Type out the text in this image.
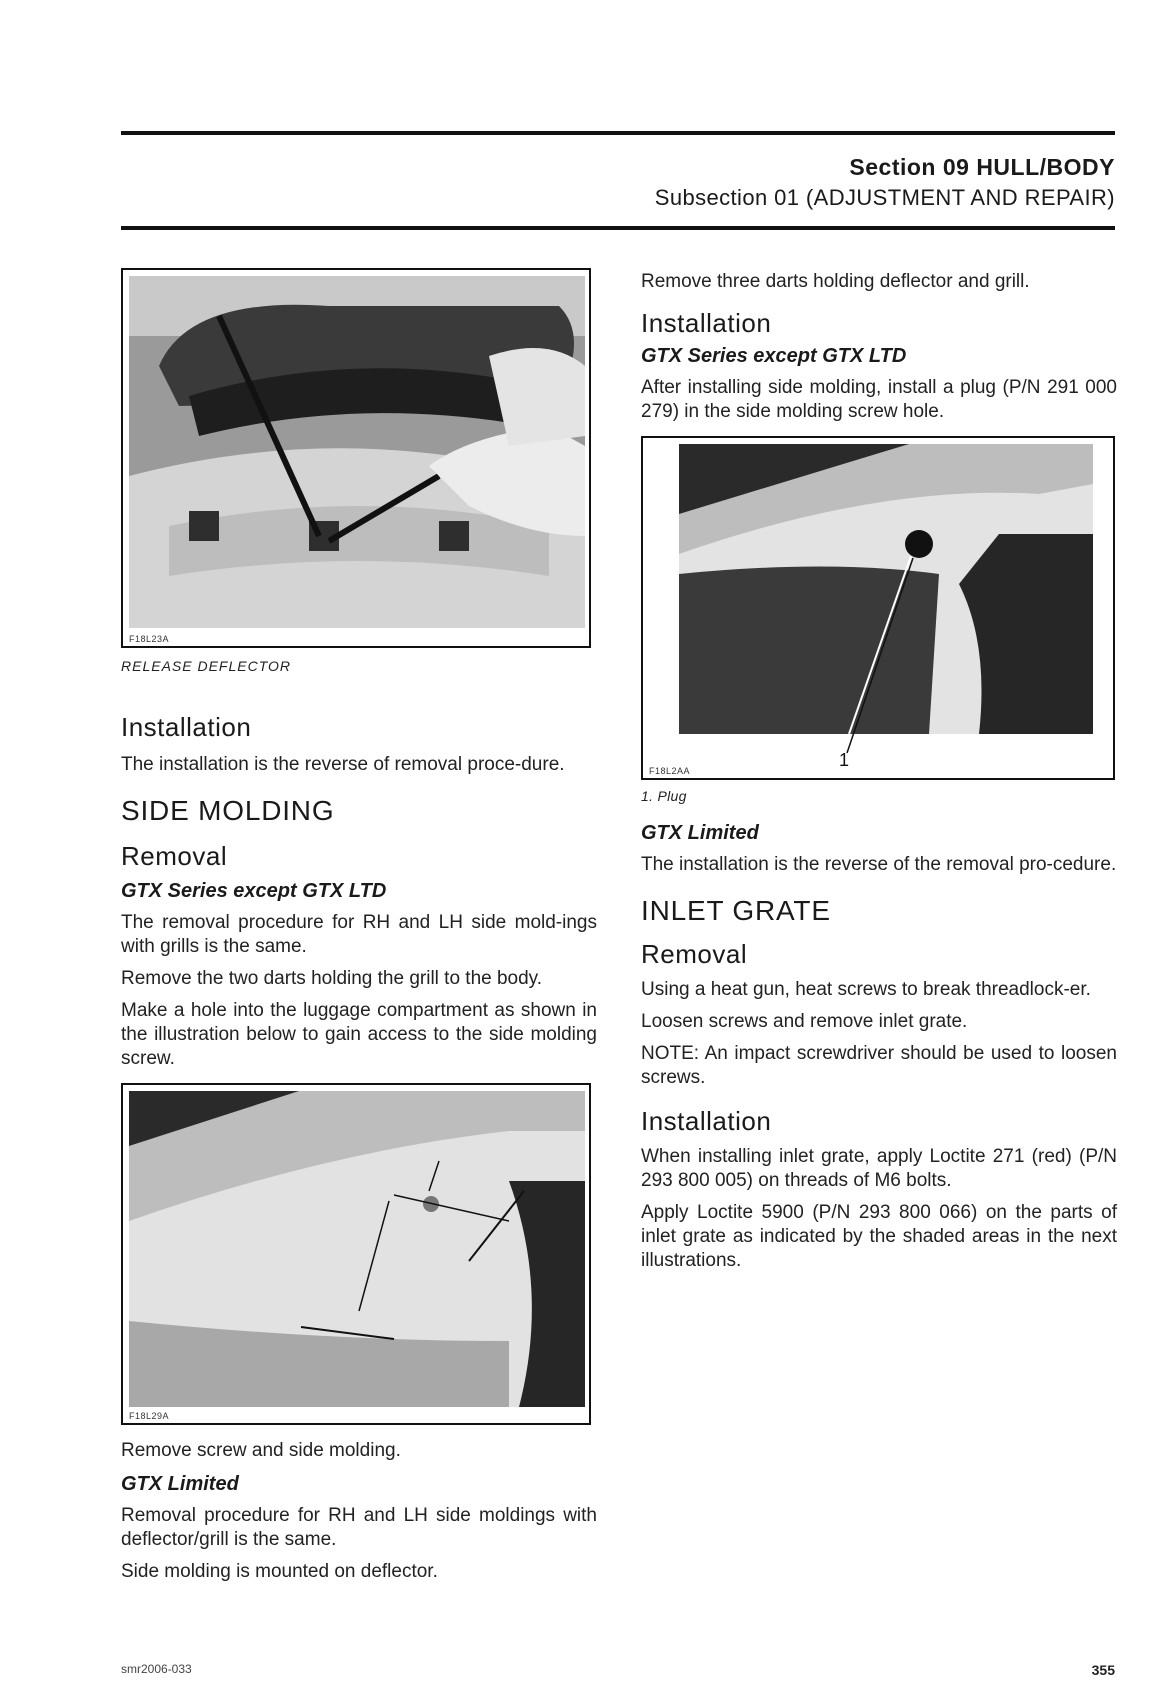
Section 09 HULL/BODY
Subsection 01 (ADJUSTMENT AND REPAIR)
F18L23A

RELEASE DEFLECTOR

Installation

The installation is the reverse of removal proce-dure.

SIDE MOLDING
Removal
GTX Series except GTX LTD

The removal procedure for RH and LH side mold-ings with grills is the same.

Remove the two darts holding the grill to the body.

Make a hole into the luggage compartment as shown in the illustration below to gain access to the side molding screw.

F18L29A

Remove screw and side molding.

GTX Limited

Removal procedure for RH and LH side moldings with deflector/grill is the same.

Side molding is mounted on deflector.

Remove three darts holding deflector and grill.

Installation
GTX Series except GTX LTD

After installing side molding, install a plug (P/N 291 000 279) in the side molding screw hole.

1
F18L2AA

1. Plug

GTX Limited

The installation is the reverse of the removal pro-cedure.

INLET GRATE
Removal

Using a heat gun, heat screws to break threadlock-er.

Loosen screws and remove inlet grate.

NOTE: An impact screwdriver should be used to loosen screws.

Installation

When installing inlet grate, apply Loctite 271 (red) (P/N 293 800 005) on threads of M6 bolts.

Apply Loctite 5900 (P/N 293 800 066) on the parts of inlet grate as indicated by the shaded areas in the next illustrations.

smr2006-033	355
